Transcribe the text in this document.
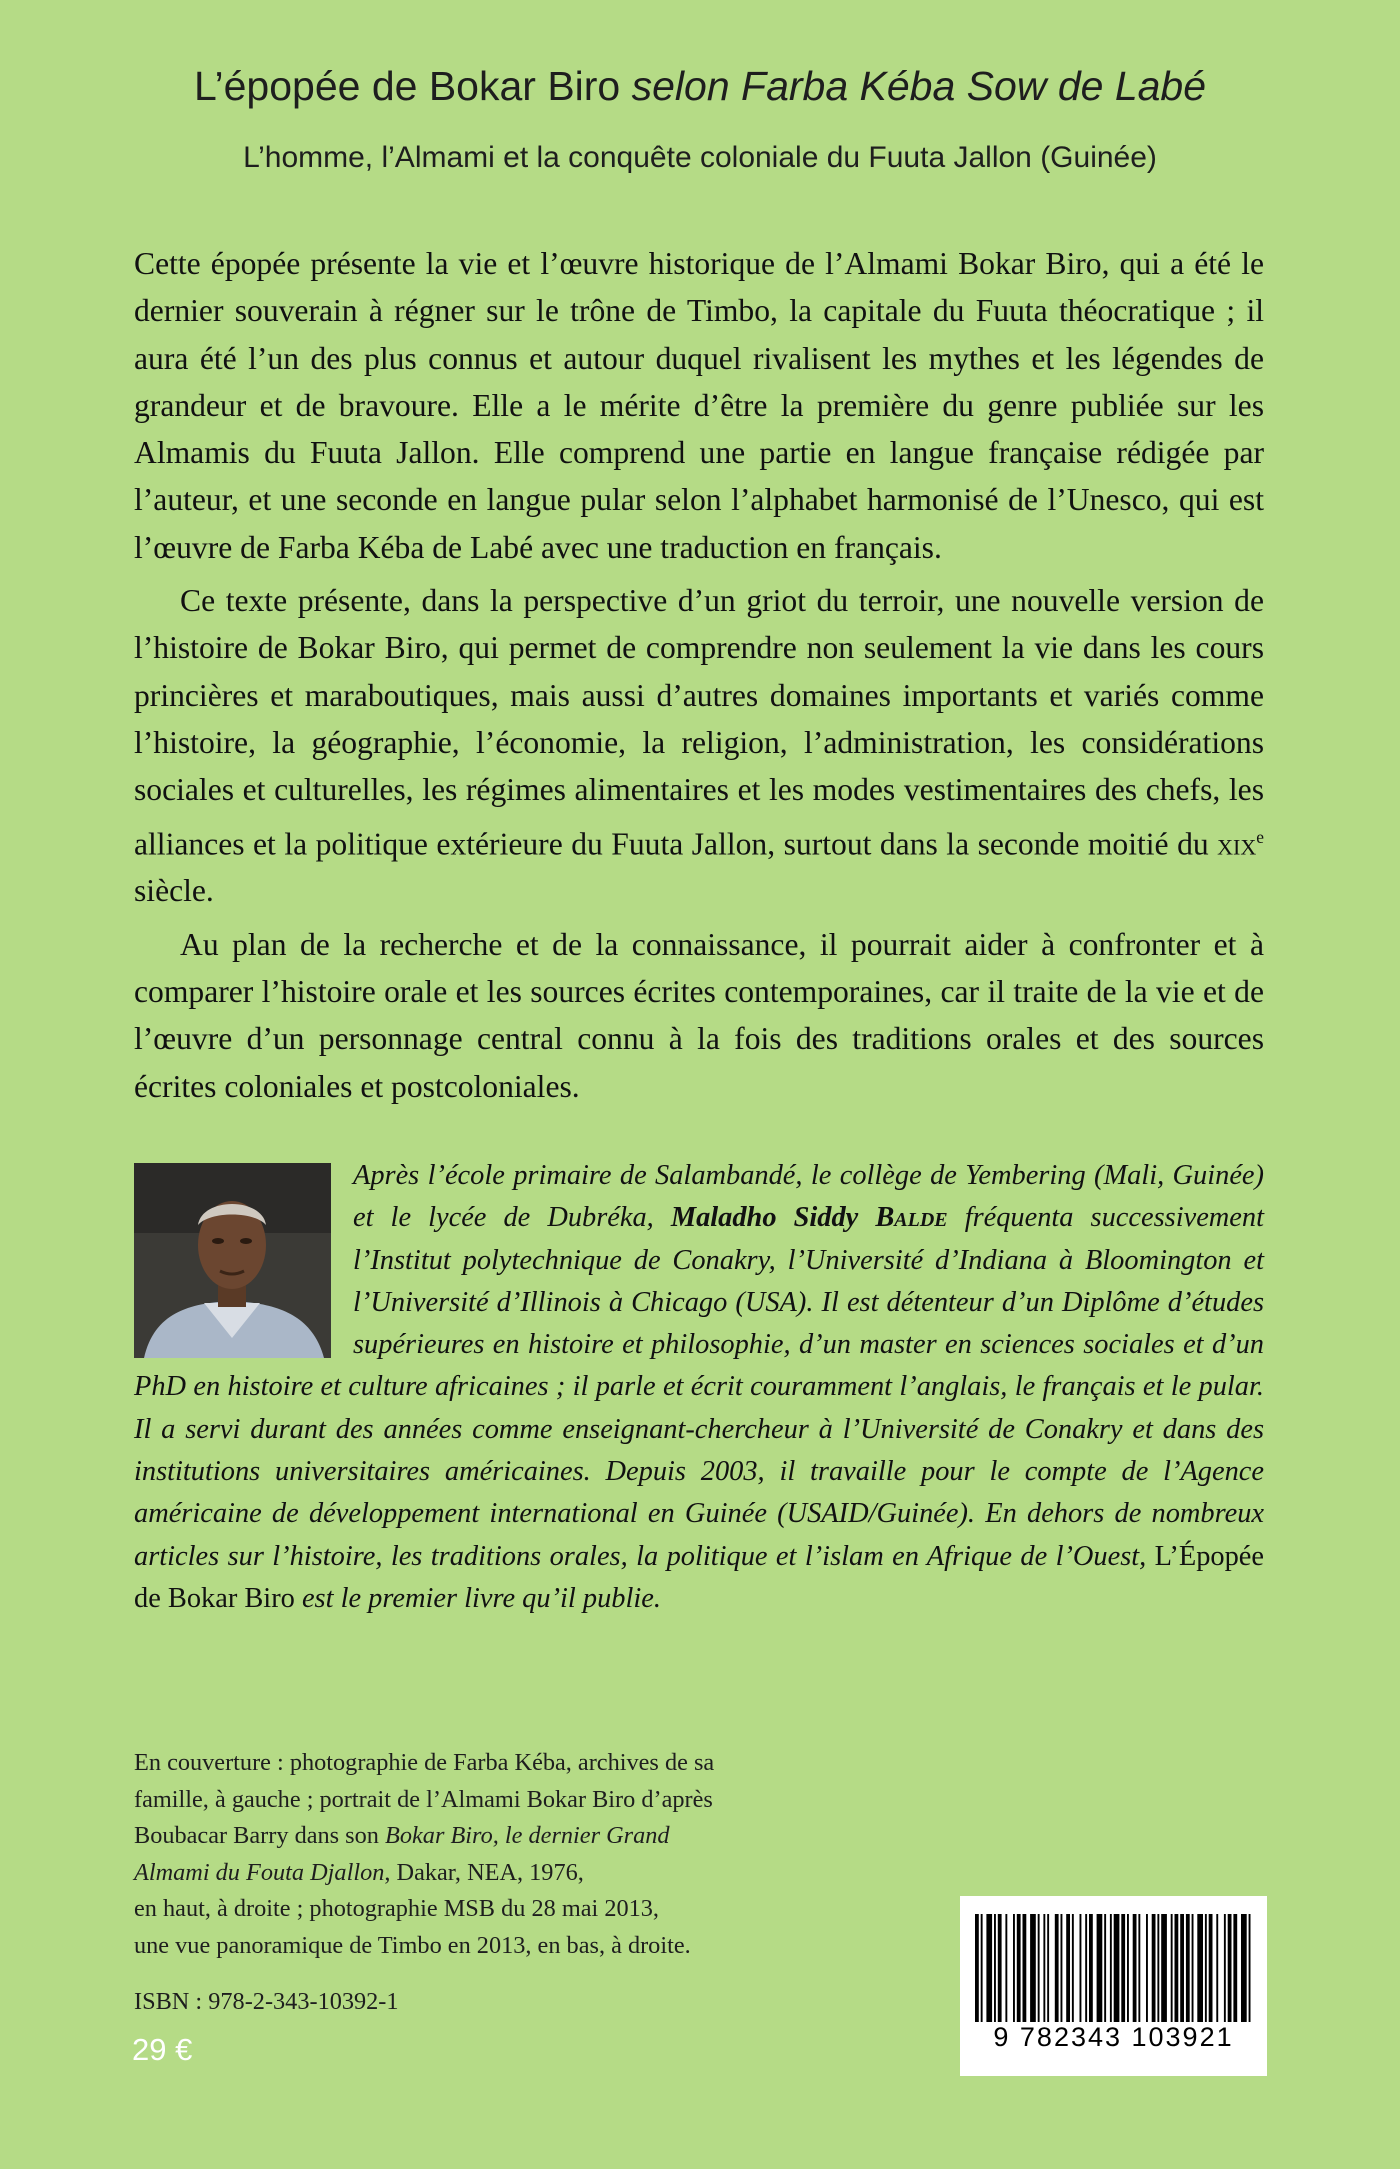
L’épopée de Bokar Biro selon Farba Kéba Sow de Labé
L’homme, l’Almami et la conquête coloniale du Fuuta Jallon (Guinée)

Cette épopée présente la vie et l’œuvre historique de l’Almami Bokar Biro, qui a été le dernier souverain à régner sur le trône de Timbo, la capitale du Fuuta théocratique ; il aura été l’un des plus connus et autour duquel rivalisent les mythes et les légendes de grandeur et de bravoure. Elle a le mérite d’être la première du genre publiée sur les Almamis du Fuuta Jallon. Elle comprend une partie en langue française rédigée par l’auteur, et une seconde en langue pular selon l’alphabet harmonisé de l’Unesco, qui est l’œuvre de Farba Kéba de Labé avec une traduction en français.

Ce texte présente, dans la perspective d’un griot du terroir, une nouvelle version de l’histoire de Bokar Biro, qui permet de comprendre non seulement la vie dans les cours princières et maraboutiques, mais aussi d’autres domaines importants et variés comme l’histoire, la géographie, l’économie, la religion, l’administration, les considérations sociales et culturelles, les régimes alimentaires et les modes vestimentaires des chefs, les alliances et la politique extérieure du Fuuta Jallon, surtout dans la seconde moitié du xix$^e$ siècle.

Au plan de la recherche et de la connaissance, il pourrait aider à confronter et à comparer l’histoire orale et les sources écrites contemporaines, car il traite de la vie et de l’œuvre d’un personnage central connu à la fois des traditions orales et des sources écrites coloniales et postcoloniales.

Après l’école primaire de Salambandé, le collège de Yembering (Mali, Guinée) et le lycée de Dubréka, Maladho Siddy Balde fréquenta successivement l’Institut polytechnique de Conakry, l’Université d’Indiana à Bloomington et l’Université d’Illinois à Chicago (USA). Il est détenteur d’un Diplôme d’études supérieures en histoire et philosophie, d’un master en sciences sociales et d’un PhD en histoire et culture africaines ; il parle et écrit couramment l’anglais, le français et le pular. Il a servi durant des années comme enseignant-chercheur à l’Université de Conakry et dans des institutions universitaires américaines. Depuis 2003, il travaille pour le compte de l’Agence américaine de développement international en Guinée (USAID/Guinée). En dehors de nombreux articles sur l’histoire, les traditions orales, la politique et l’islam en Afrique de l’Ouest, L’Épopée de Bokar Biro est le premier livre qu’il publie.
En couverture : photographie de Farba Kéba, archives de sa
famille, à gauche ; portrait de l’Almami Bokar Biro d’après
Boubacar Barry dans son Bokar Biro, le dernier Grand
Almami du Fouta Djallon, Dakar, NEA, 1976,
en haut, à droite ; photographie MSB du 28 mai 2013,
une vue panoramique de Timbo en 2013, en bas, à droite.
ISBN : 978-2-343-10392-1
29 €	9 782343 103921
